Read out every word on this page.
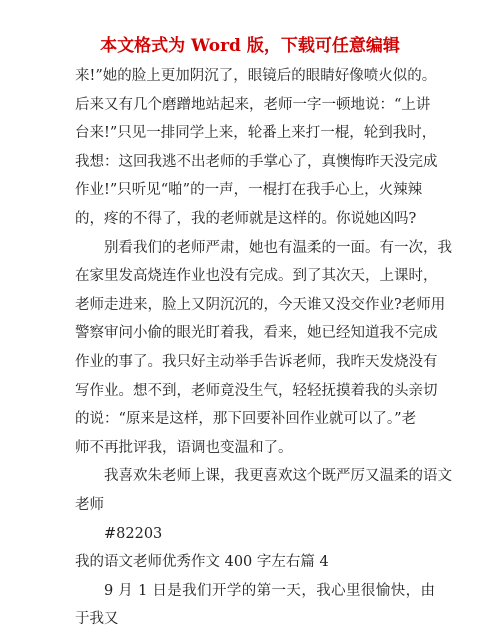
本文格式为 Word 版，下载可任意编辑
来!”她的脸上更加阴沉了，眼镜后的眼睛好像喷火似的。
后来又有几个磨蹭地站起来，老师一字一顿地说：“上讲
台来!”只见一排同学上来，轮番上来打一棍，轮到我时，
我想：这回我逃不出老师的手掌心了，真懊悔昨天没完成
作业!”只听见“啪”的一声，一棍打在我手心上，火辣辣
的，疼的不得了，我的老师就是这样的。你说她凶吗?
别看我们的老师严肃，她也有温柔的一面。有一次，我
在家里发高烧连作业也没有完成。到了其次天，上课时，
老师走进来，脸上又阴沉沉的，今天谁又没交作业?老师用
警察审问小偷的眼光盯着我，看来，她已经知道我不完成
作业的事了。我只好主动举手告诉老师，我昨天发烧没有
写作业。想不到，老师竟没生气，轻轻抚摸着我的头亲切
的说：“原来是这样，那下回要补回作业就可以了。”老
师不再批评我，语调也变温和了。
我喜欢朱老师上课，我更喜欢这个既严厉又温柔的语文
老师
#82203
我的语文老师优秀作文 400 字左右篇 4
9 月 1 日是我们开学的第一天，我心里很愉快，由于我又
